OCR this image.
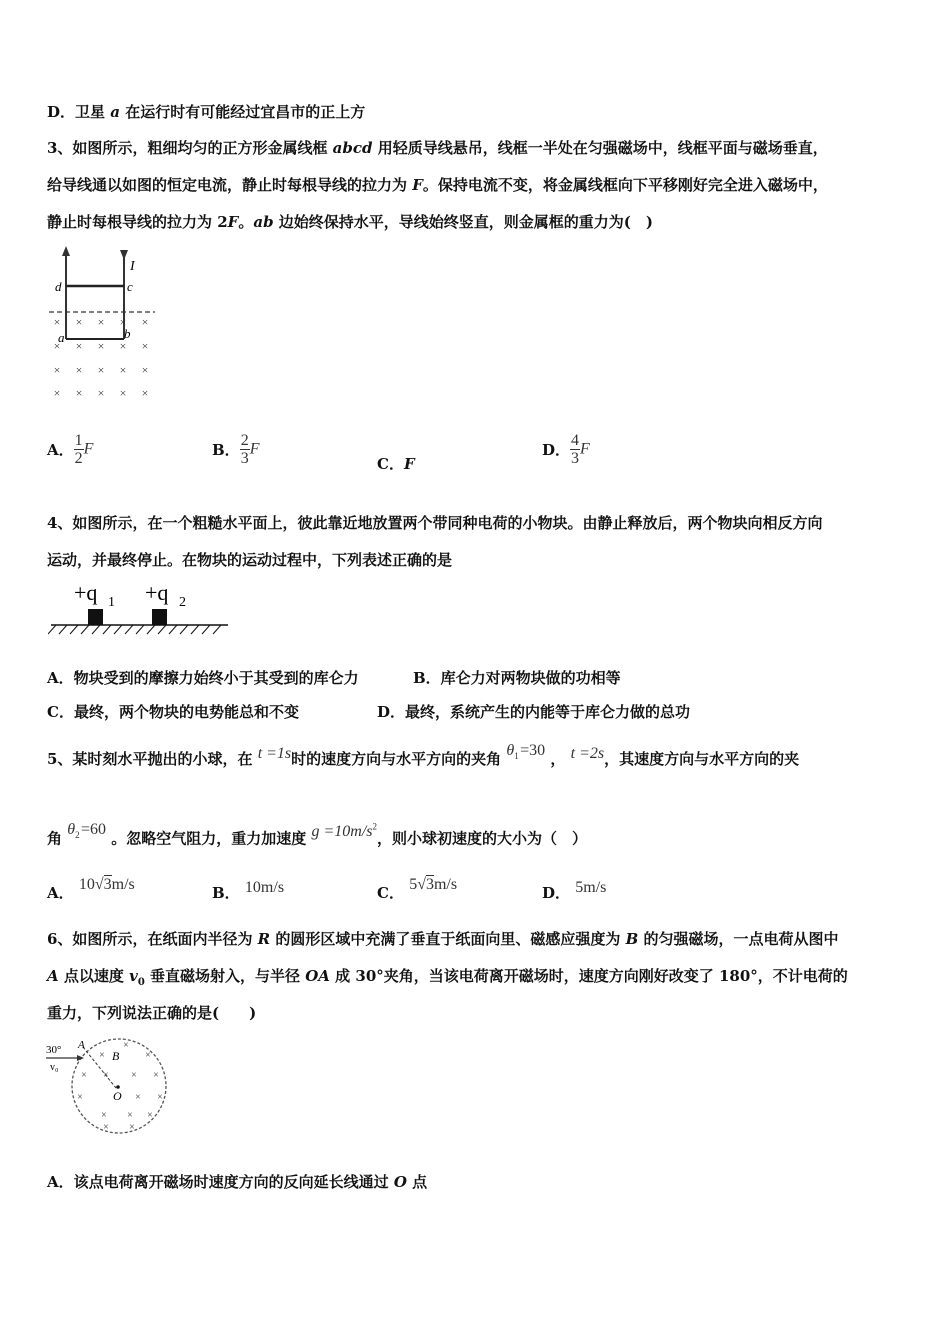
D．卫星 a 在运行时有可能经过宜昌市的正上方
3、如图所示，粗细均匀的正方形金属线框 abcd 用轻质导线悬吊，线框一半处在匀强磁场中，线框平面与磁场垂直，
给导线通以如图的恒定电流，静止时每根导线的拉力为 F。保持电流不变，将金属线框向下平移刚好完全进入磁场中，
静止时每根导线的拉力为 2F。ab 边始终保持水平，导线始终竖直，则金属框的重力为(　)
I
d	c
a	b
× × × × ×
× × × × ×
× × × × ×
× × × × ×
A． $\frac{1}{2}$ F	B． $\frac{2}{3}$ F
C．F
D． $\frac{4}{3}$ F
4、如图所示，在一个粗糙水平面上，彼此靠近地放置两个带同种电荷的小物块。由静止释放后，两个物块向相反方向
运动，并最终停止。在物块的运动过程中，下列表述正确的是
+q 1 +q 2
A．物块受到的摩擦力始终小于其受到的库仑力	B．库仑力对两物块做的功相等
C．最终，两个物块的电势能总和不变	D．最终，系统产生的内能等于库仑力做的总功
5、某时刻水平抛出的小球，在 t =1s时的速度方向与水平方向的夹角 $\theta_1$ =30 ， t =2s，其速度方向与水平方向的夹
角 $\theta_2$ =60 。忽略空气阻力，重力加速度 $g =10m/s^2$，则小球初速度的大小为（　）
A． 10√3m/s	B． 10m/s	C． 5√3m/s	D． 5m/s
6、如图所示，在纸面内半径为 R 的圆形区域中充满了垂直于纸面向里、磁感应强度为 B 的匀强磁场，一点电荷从图中
A 点以速度 $v_0$ 垂直磁场射入，与半径 OA 成 30°夹角，当该电荷离开磁场时，速度方向刚好改变了 180°，不计电荷的
重力，下列说法正确的是(　　)
30° A
B
O
v₀
×
×
×
× × × ×
×	× ×
× × ×
× ×
A．该点电荷离开磁场时速度方向的反向延长线通过 O 点
